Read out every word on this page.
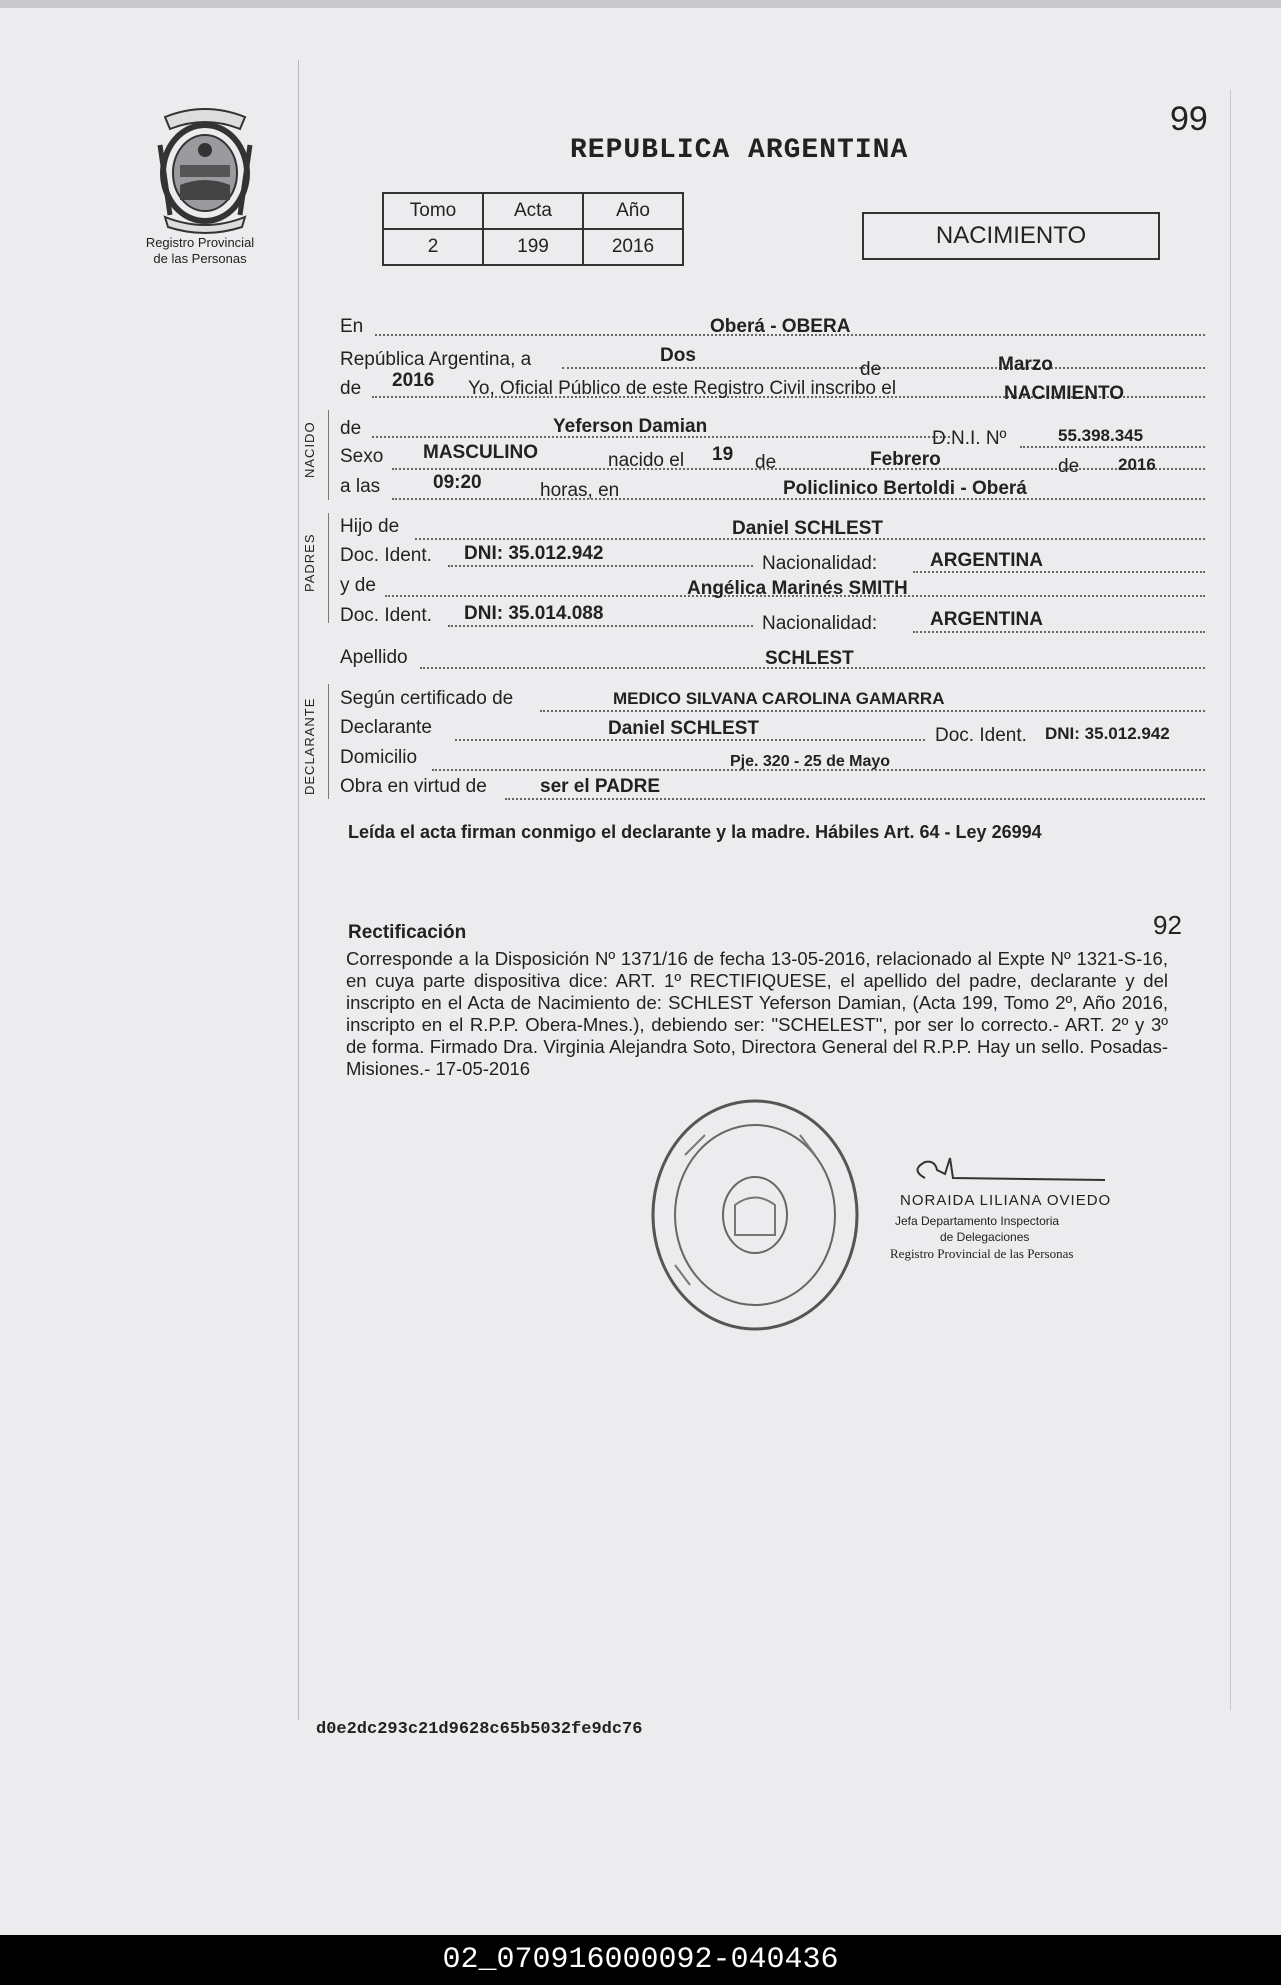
Registro Provincial
de las Personas
99
REPUBLICA ARGENTINA
Tomo	Acta	Año
2	199	2016	NACIMIENTO
En	Oberá - OBERA
República Argentina, a	Dos
de	Marzo
de 2016 Yo, Oficial Público de este Registro Civil inscribo el	NACIMIENTO
NACIDO de	Yeferson Damian
D.N.I. Nº	55.398.345
Sexo MASCULINO	nacido el 19 de	Febrero	de 2016
a las	09:20	horas, en	Policlinico Bertoldi - Oberá
PADRES
Hijo de	Daniel SCHLEST
Doc. Ident. DNI: 35.012.942	Nacionalidad:	ARGENTINA
y de	Angélica Marinés SMITH
Doc. Ident. DNI: 35.014.088	Nacionalidad:	ARGENTINA
Apellido	SCHLEST
DECLARANTE Según certificado de	MEDICO SILVANA CAROLINA GAMARRA
Declarante	Daniel SCHLEST	Doc. Ident. DNI: 35.012.942
Domicilio	Pje. 320 - 25 de Mayo
Obra en virtud de	ser el PADRE
Leída el acta firman conmigo el declarante y la madre. Hábiles Art. 64 - Ley 26994
Rectificación	92
Corresponde a la Disposición Nº 1371/16 de fecha 13-05-2016, relacionado al Expte Nº 1321-S-16, en cuya parte dispositiva dice: ART. 1º RECTIFIQUESE, el apellido del padre, declarante y del inscripto en el Acta de Nacimiento de: SCHLEST Yeferson Damian, (Acta 199, Tomo 2º, Año 2016, inscripto en el R.P.P. Obera-Mnes.), debiendo ser: "SCHELEST", por ser lo correcto.- ART. 2º y 3º de forma. Firmado Dra. Virginia Alejandra Soto, Directora General del R.P.P. Hay un sello. Posadas- Misiones.- 17-05-2016
NORAIDA LILIANA OVIEDO
Jefa Departamento Inspectoria
de Delegaciones
Registro Provincial de las Personas
d0e2dc293c21d9628c65b5032fe9dc76
02_070916000092-040436
